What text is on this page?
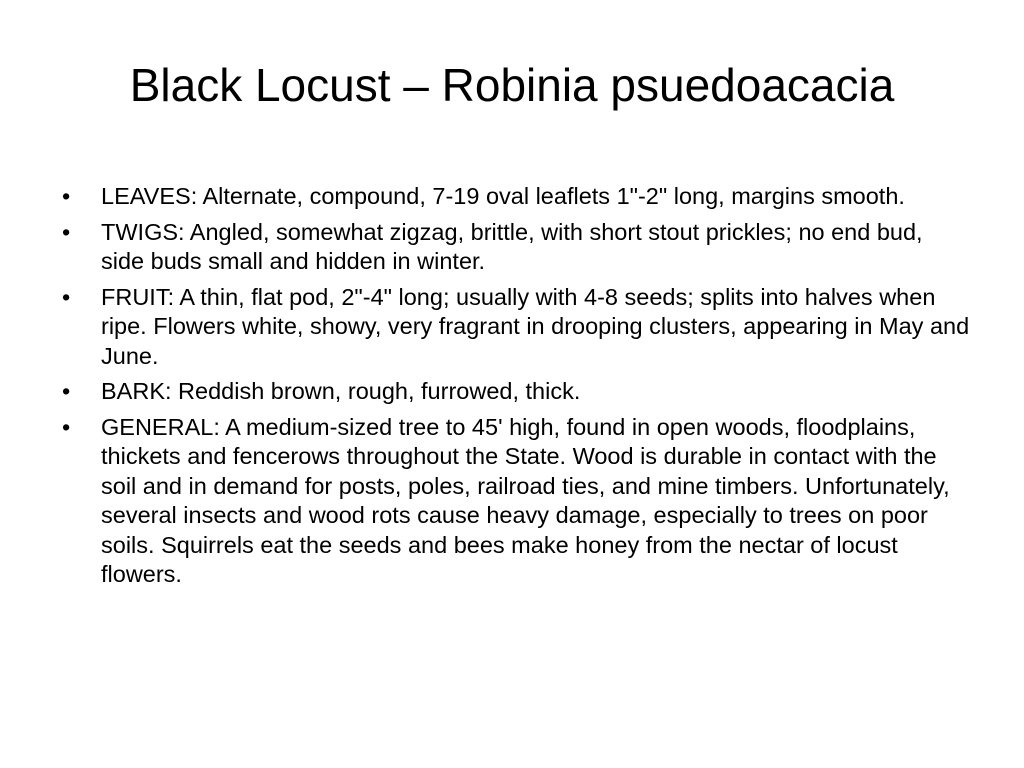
Black Locust – Robinia psuedoacacia
•	LEAVES: Alternate, compound, 7-19 oval leaflets 1"-2" long, margins smooth.
•	TWIGS: Angled, somewhat zigzag, brittle, with short stout prickles; no end bud, side buds small and hidden in winter.
•	FRUIT: A thin, flat pod, 2"-4" long; usually with 4-8 seeds; splits into halves when ripe. Flowers white, showy, very fragrant in drooping clusters, appearing in May and June.
•	BARK: Reddish brown, rough, furrowed, thick.
•	GENERAL: A medium-sized tree to 45' high, found in open woods, floodplains, thickets and fencerows throughout the State. Wood is durable in contact with the soil and in demand for posts, poles, railroad ties, and mine timbers. Unfortunately, several insects and wood rots cause heavy damage, especially to trees on poor soils. Squirrels eat the seeds and bees make honey from the nectar of locust flowers.
